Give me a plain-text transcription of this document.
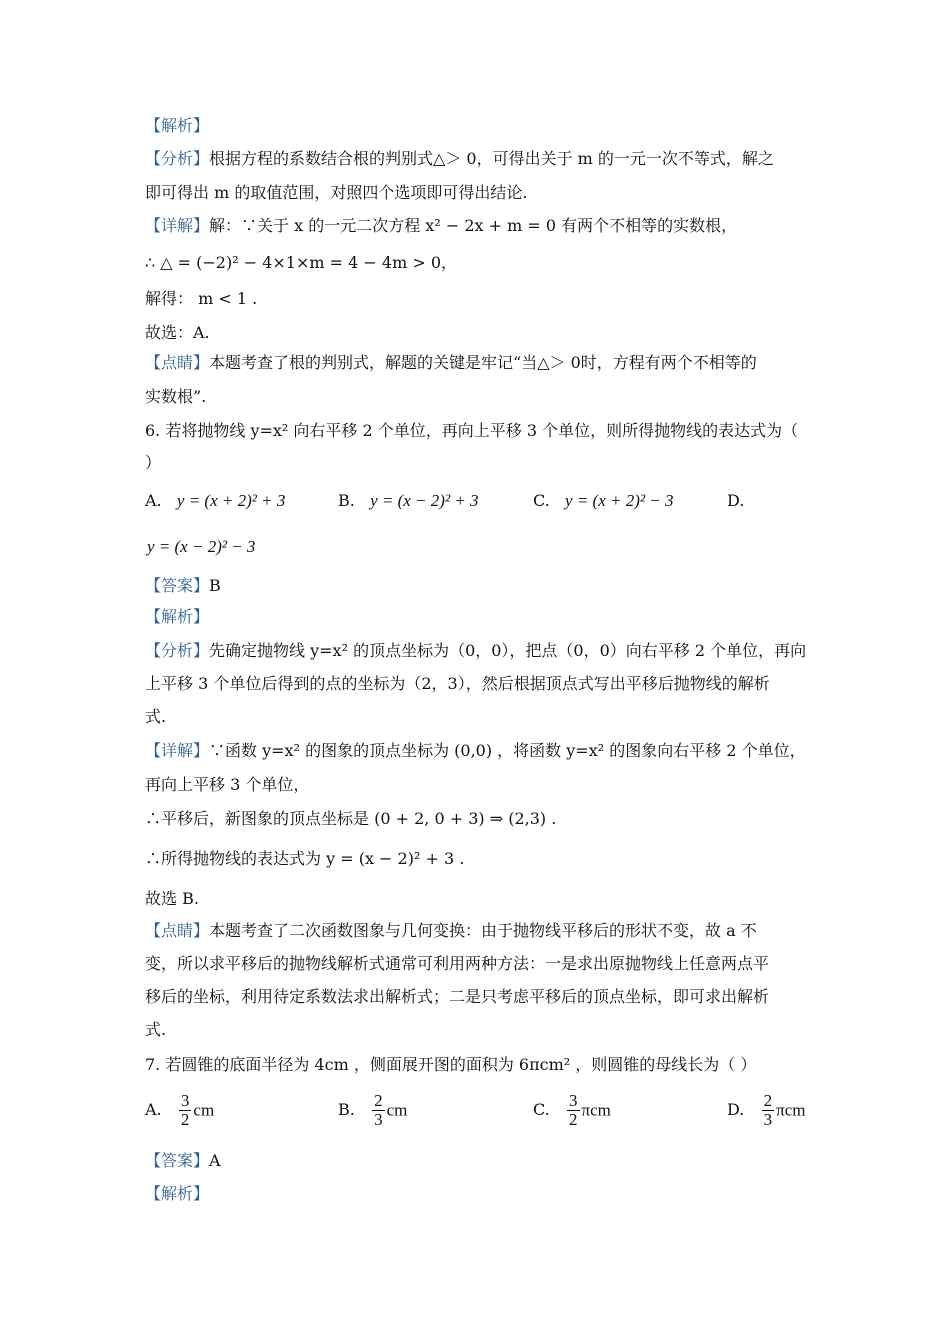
【解析】
【分析】根据方程的系数结合根的判别式△＞ 0，可得出关于 m 的一元一次不等式，解之
即可得出 m 的取值范围，对照四个选项即可得出结论.
【详解】解：∵关于 x 的一元二次方程 x² − 2x + m = 0 有两个不相等的实数根，
∴ △ = (−2)² − 4×1×m = 4 − 4m > 0，
解得： m < 1 .
故选：A.
【点睛】本题考查了根的判别式，解题的关键是牢记“当△＞ 0时，方程有两个不相等的
实数根”.
6. 若将抛物线 y=x² 向右平移 2 个单位，再向上平移 3 个单位，则所得抛物线的表达式为（
）
A. y = (x + 2)² + 3	B. y = (x − 2)² + 3	C. y = (x + 2)² − 3	D.
y = (x − 2)² − 3
【答案】B
【解析】
【分析】先确定抛物线 y=x² 的顶点坐标为（0，0），把点（0，0）向右平移 2 个单位，再向
上平移 3 个单位后得到的点的坐标为（2，3），然后根据顶点式写出平移后抛物线的解析
式.
【详解】∵函数 y=x² 的图象的顶点坐标为 (0,0) ，将函数 y=x² 的图象向右平移 2 个单位，
再向上平移 3 个单位，
∴平移后，新图象的顶点坐标是 (0 + 2, 0 + 3) ⇒ (2,3) .
∴所得抛物线的表达式为 y = (x − 2)² + 3 .
故选 B.
【点睛】本题考查了二次函数图象与几何变换：由于抛物线平移后的形状不变，故 a 不
变，所以求平移后的抛物线解析式通常可利用两种方法：一是求出原抛物线上任意两点平
移后的坐标，利用待定系数法求出解析式；二是只考虑平移后的顶点坐标，即可求出解析
式.
7. 若圆锥的底面半径为 4cm ，侧面展开图的面积为 6πcm² ，则圆锥的母线长为（ ）
A. $\frac{3}{2}$ cm	B. $\frac{2}{3}$ cm	C. $\frac{3}{2}$ πcm	D. $\frac{2}{3}$ πcm
【答案】A
【解析】
